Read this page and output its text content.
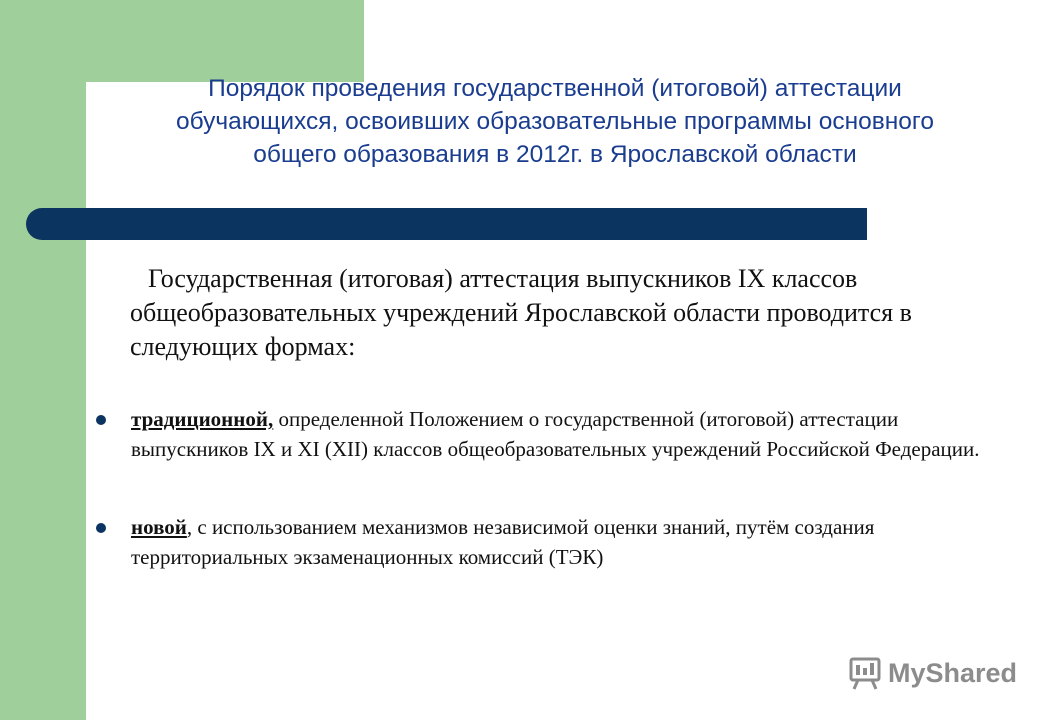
Порядок проведения государственной (итоговой) аттестации обучающихся, освоивших образовательные программы основного общего образования в 2012г. в Ярославской области

Государственная (итоговая) аттестация выпускников IX классов общеобразовательных учреждений Ярославской области проводится в следующих формах:

традиционной, определенной Положением о государственной (итоговой) аттестации выпускников IX и XI (XII) классов общеобразовательных учреждений Российской Федерации.
новой, с использованием механизмов независимой оценки знаний, путём создания территориальных экзаменационных комиссий (ТЭК)
MyShared
